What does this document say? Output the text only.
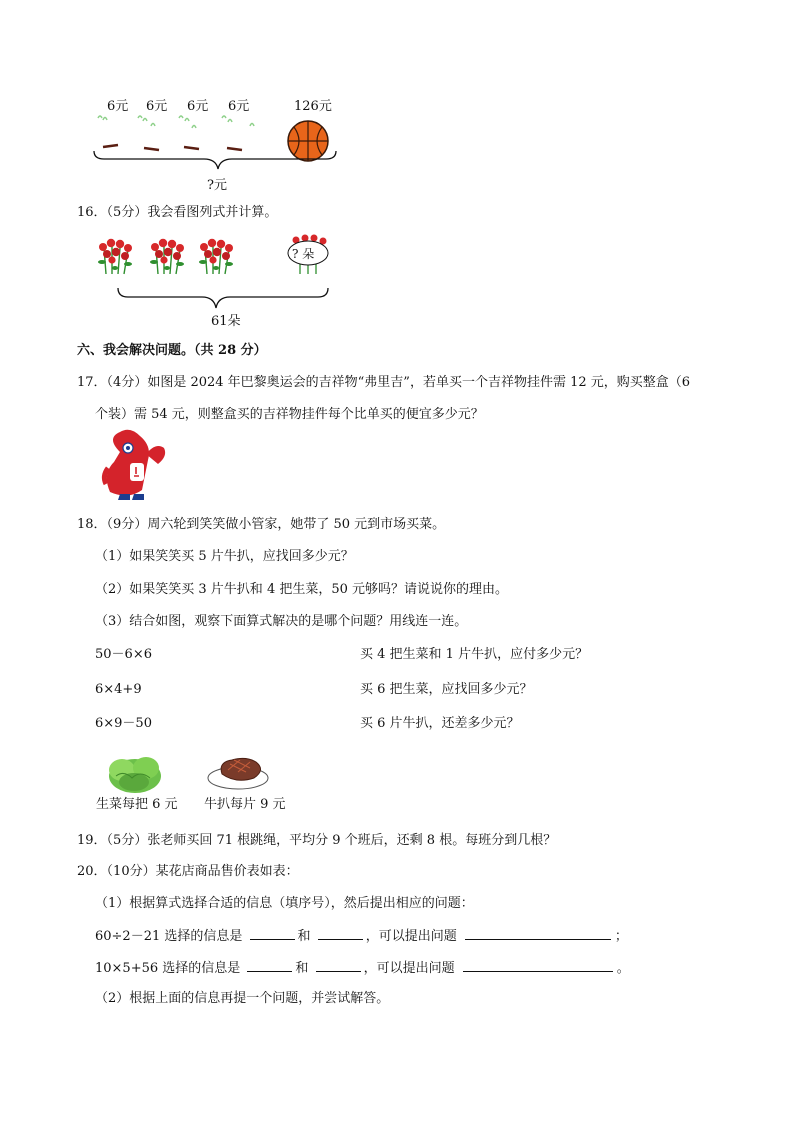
6元 6元 6元 6元	126元
?元
16．（5分）我会看图列式并计算。
? 朵
61朵
六、我会解决问题。（共 28 分）
17．（4分）如图是 2024 年巴黎奥运会的吉祥物“弗里吉”，若单买一个吉祥物挂件需 12 元，购买整盒（6
个装）需 54 元，则整盒买的吉祥物挂件每个比单买的便宜多少元？
18．（9分）周六轮到笑笑做小管家，她带了 50 元到市场买菜。
（1）如果笑笑买 5 片牛扒，应找回多少元？
（2）如果笑笑买 3 片牛扒和 4 把生菜，50 元够吗？请说说你的理由。
（3）结合如图，观察下面算式解决的是哪个问题？用线连一连。
50－6×6
6×4+9
6×9－50
买 4 把生菜和 1 片牛扒，应付多少元？
买 6 把生菜，应找回多少元？
买 6 片牛扒，还差多少元？
生菜每把 6 元 牛扒每片 9 元
19．（5分）张老师买回 71 根跳绳，平均分 9 个班后，还剩 8 根。每班分到几根？
20．（10分）某花店商品售价表如表：
（1）根据算式选择合适的信息（填序号），然后提出相应的问题：
60÷2－21 选择的信息是	和	，可以提出问题	；
10×5+56 选择的信息是	和	，可以提出问题	。
（2）根据上面的信息再提一个问题，并尝试解答。
